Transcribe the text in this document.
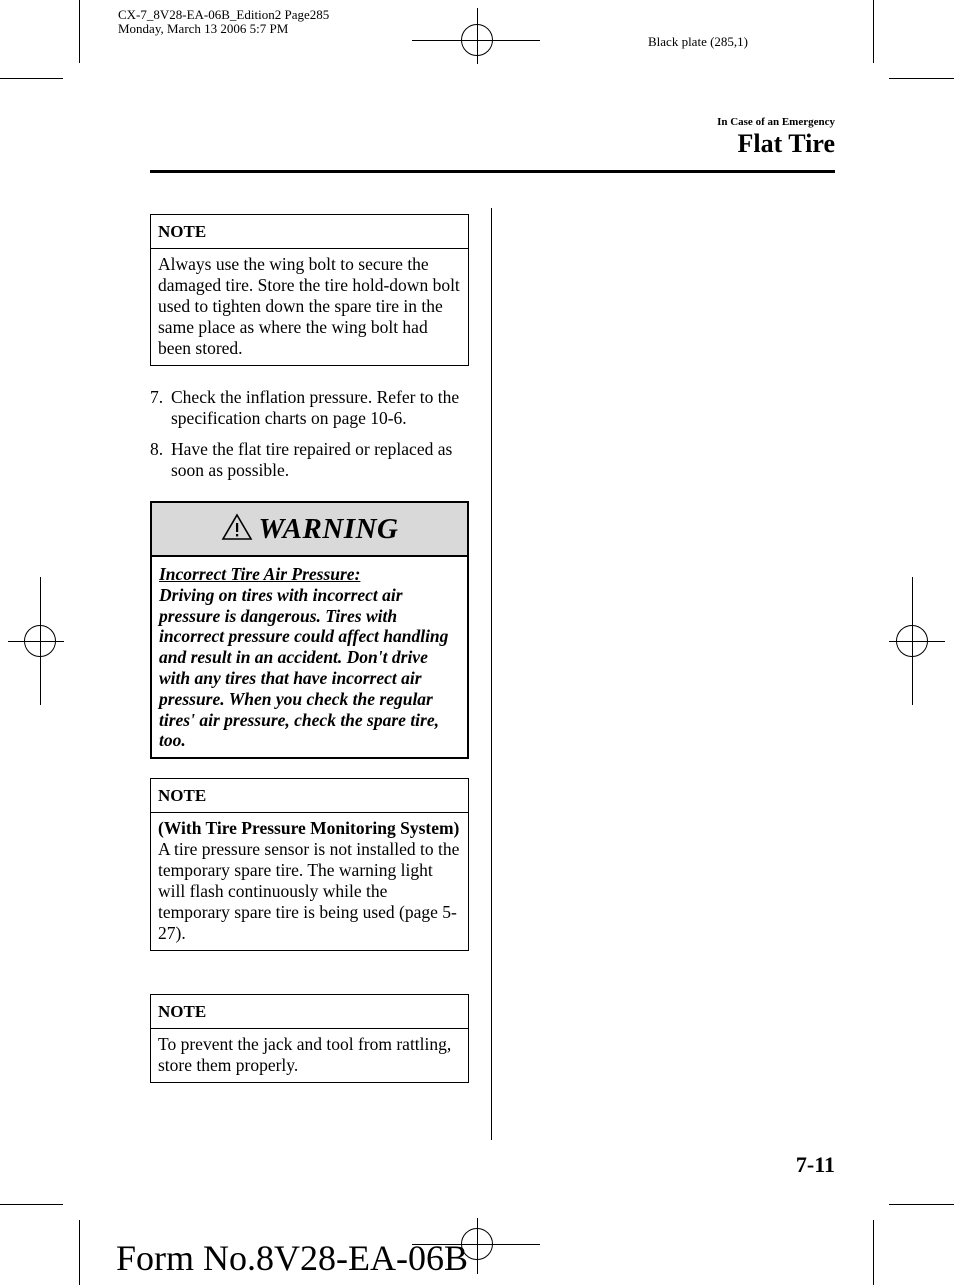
CX-7_8V28-EA-06B_Edition2 Page285
Monday, March 13 2006 5:7 PM
Black plate (285,1)
In Case of an Emergency
Flat Tire
NOTE
Always use the wing bolt to secure the damaged tire. Store the tire hold-down bolt used to tighten down the spare tire in the same place as where the wing bolt had been stored.
7. Check the inflation pressure. Refer to the specification charts on page 10-6.
8. Have the flat tire repaired or replaced as soon as possible.
WARNING
Incorrect Tire Air Pressure:
Driving on tires with incorrect air pressure is dangerous. Tires with incorrect pressure could affect handling and result in an accident. Don't drive with any tires that have incorrect air pressure. When you check the regular tires' air pressure, check the spare tire, too.
NOTE
(With Tire Pressure Monitoring System)
A tire pressure sensor is not installed to the temporary spare tire. The warning light will flash continuously while the temporary spare tire is being used (page 5-27).
NOTE
To prevent the jack and tool from rattling, store them properly.
7-11
Form No.8V28-EA-06B
